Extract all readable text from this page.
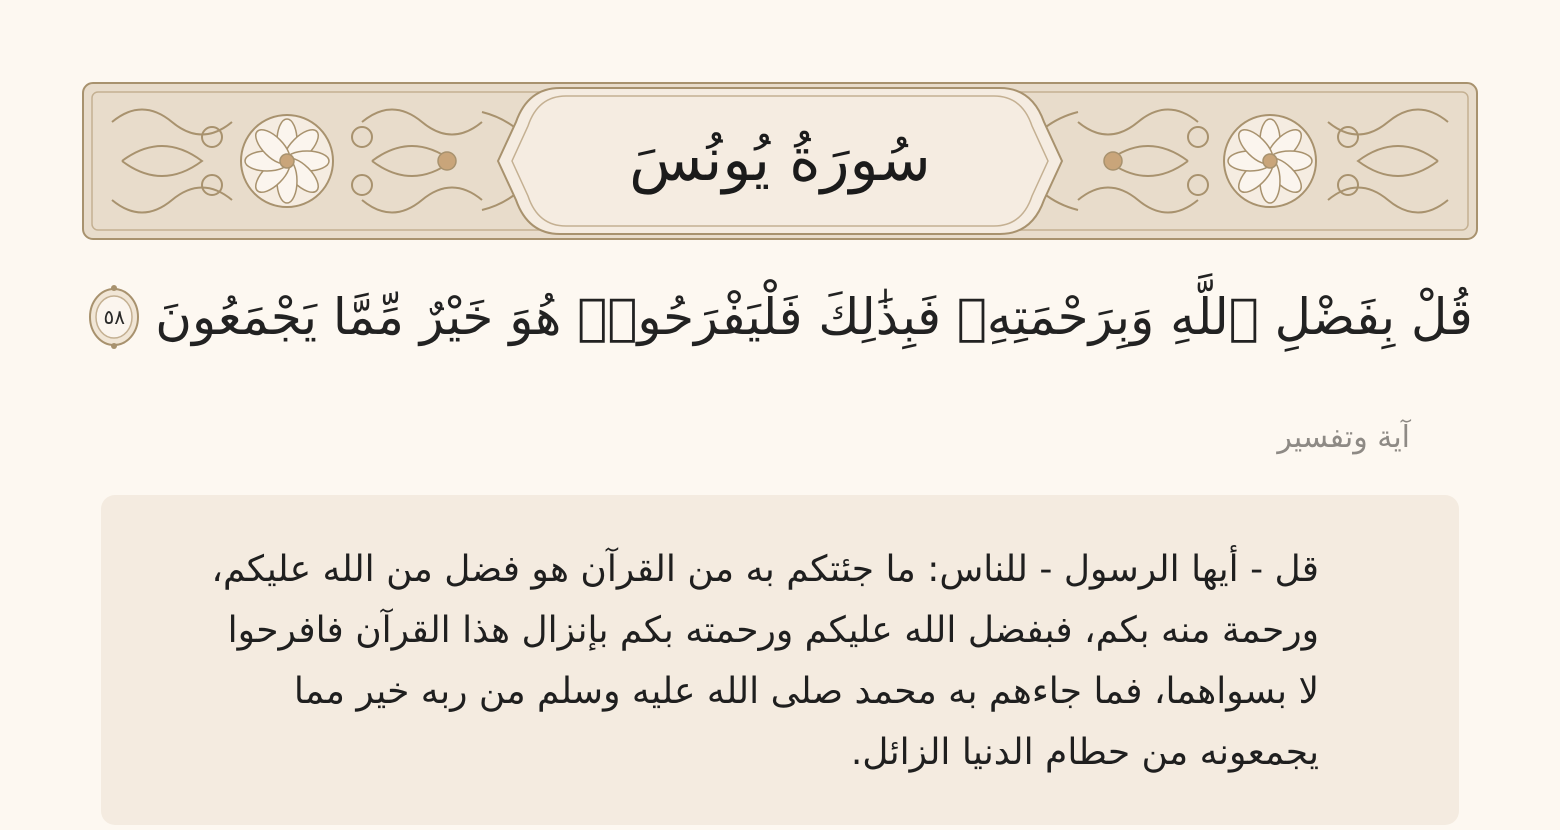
سُورَةُ يُونُسَ
قُلْ بِفَضْلِ ٱللَّهِ وَبِرَحْمَتِهِۦ فَبِذَٰلِكَ فَلْيَفْرَحُوا۟ هُوَ خَيْرٌ مِّمَّا يَجْمَعُونَ
٥٨
آية وتفسير
قل - أيها الرسول - للناس: ما جئتكم به من القرآن هو فضل من الله عليكم، ورحمة منه بكم، فبفضل الله عليكم ورحمته بكم بإنزال هذا القرآن فافرحوا لا بسواهما، فما جاءهم به محمد صلى الله عليه وسلم من ربه خير مما يجمعونه من حطام الدنيا الزائل.
